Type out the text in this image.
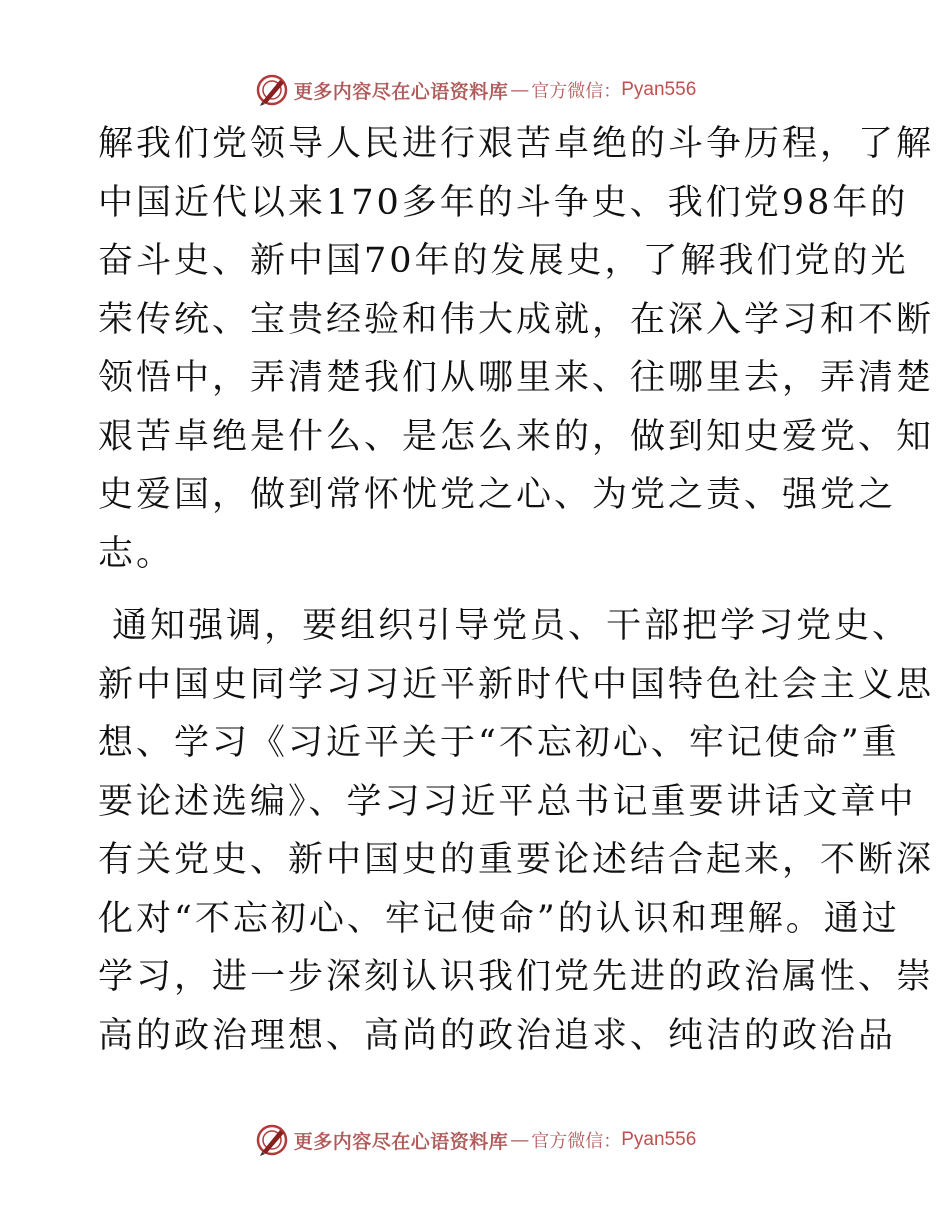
更多内容尽在心语资料库 — 官方微信： Pyan556

解我们党领导人民进行艰苦卓绝的斗争历程，了解
中国近代以来170多年的斗争史、我们党98年的
奋斗史、新中国70年的发展史，了解我们党的光
荣传统、宝贵经验和伟大成就，在深入学习和不断
领悟中，弄清楚我们从哪里来、往哪里去，弄清楚
艰苦卓绝是什么、是怎么来的，做到知史爱党、知
史爱国，做到常怀忧党之心、为党之责、强党之
志。

通知强调，要组织引导党员、干部把学习党史、
新中国史同学习习近平新时代中国特色社会主义思
想、学习《习近平关于“不忘初心、牢记使命”重
要论述选编》、学习习近平总书记重要讲话文章中
有关党史、新中国史的重要论述结合起来，不断深
化对“不忘初心、牢记使命”的认识和理解。通过
学习，进一步深刻认识我们党先进的政治属性、崇
高的政治理想、高尚的政治追求、纯洁的政治品

更多内容尽在心语资料库 — 官方微信： Pyan556
